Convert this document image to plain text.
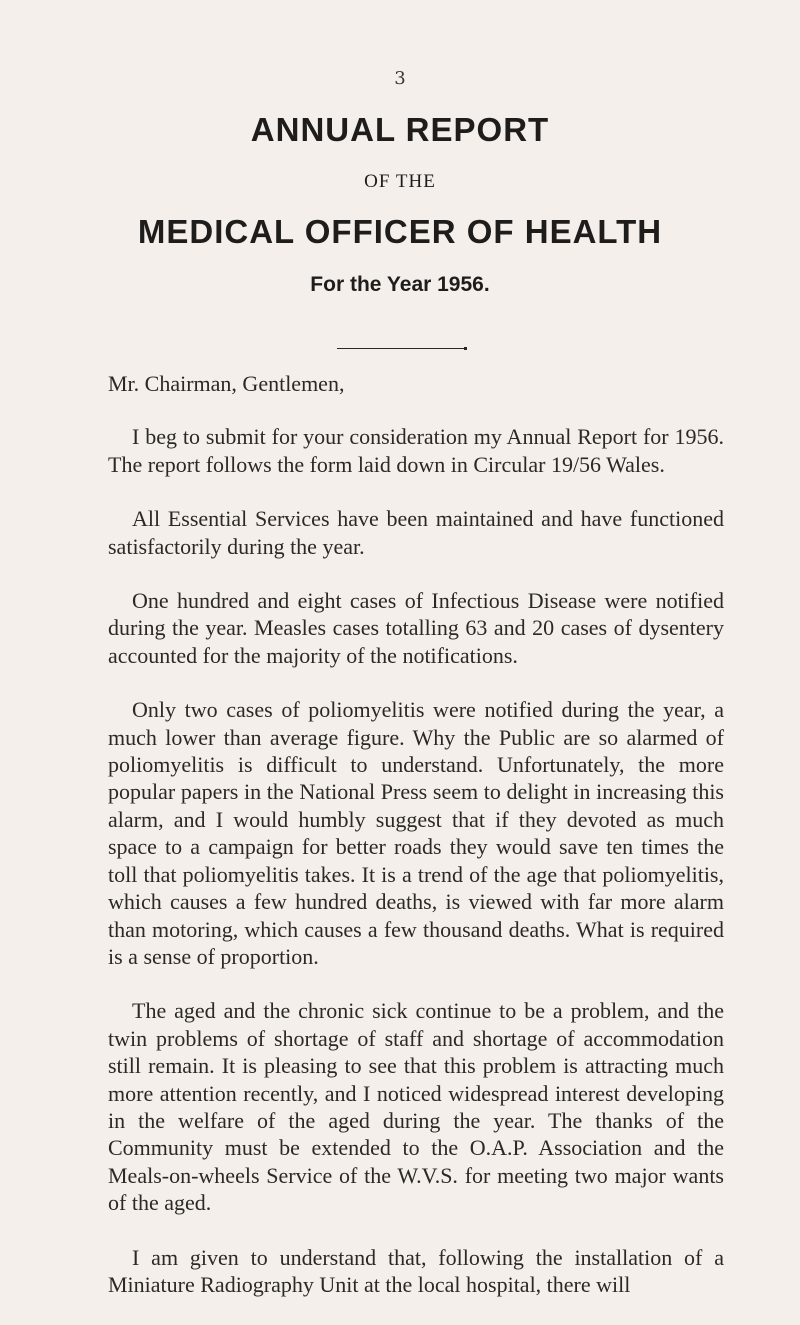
3

ANNUAL REPORT

OF THE

MEDICAL OFFICER OF HEALTH

For the Year 1956.

Mr. Chairman, Gentlemen,

I beg to submit for your consideration my Annual Report for 1956. The report follows the form laid down in Circular 19/56 Wales.

All Essential Services have been maintained and have functioned satisfactorily during the year.

One hundred and eight cases of Infectious Disease were notified during the year. Measles cases totalling 63 and 20 cases of dysentery accounted for the majority of the notifications.

Only two cases of poliomyelitis were notified during the year, a much lower than average figure. Why the Public are so alarmed of poliomyelitis is difficult to understand. Unfortunately, the more popular papers in the National Press seem to delight in increasing this alarm, and I would humbly suggest that if they devoted as much space to a campaign for better roads they would save ten times the toll that poliomyelitis takes. It is a trend of the age that poliomyelitis, which causes a few hundred deaths, is viewed with far more alarm than motoring, which causes a few thousand deaths. What is required is a sense of proportion.

The aged and the chronic sick continue to be a problem, and the twin problems of shortage of staff and shortage of accommodation still remain. It is pleasing to see that this problem is attracting much more attention recently, and I noticed widespread interest developing in the welfare of the aged during the year. The thanks of the Community must be extended to the O.A.P. Association and the Meals-on-wheels Service of the W.V.S. for meeting two major wants of the aged.

I am given to understand that, following the installation of a Miniature Radiography Unit at the local hospital, there will
